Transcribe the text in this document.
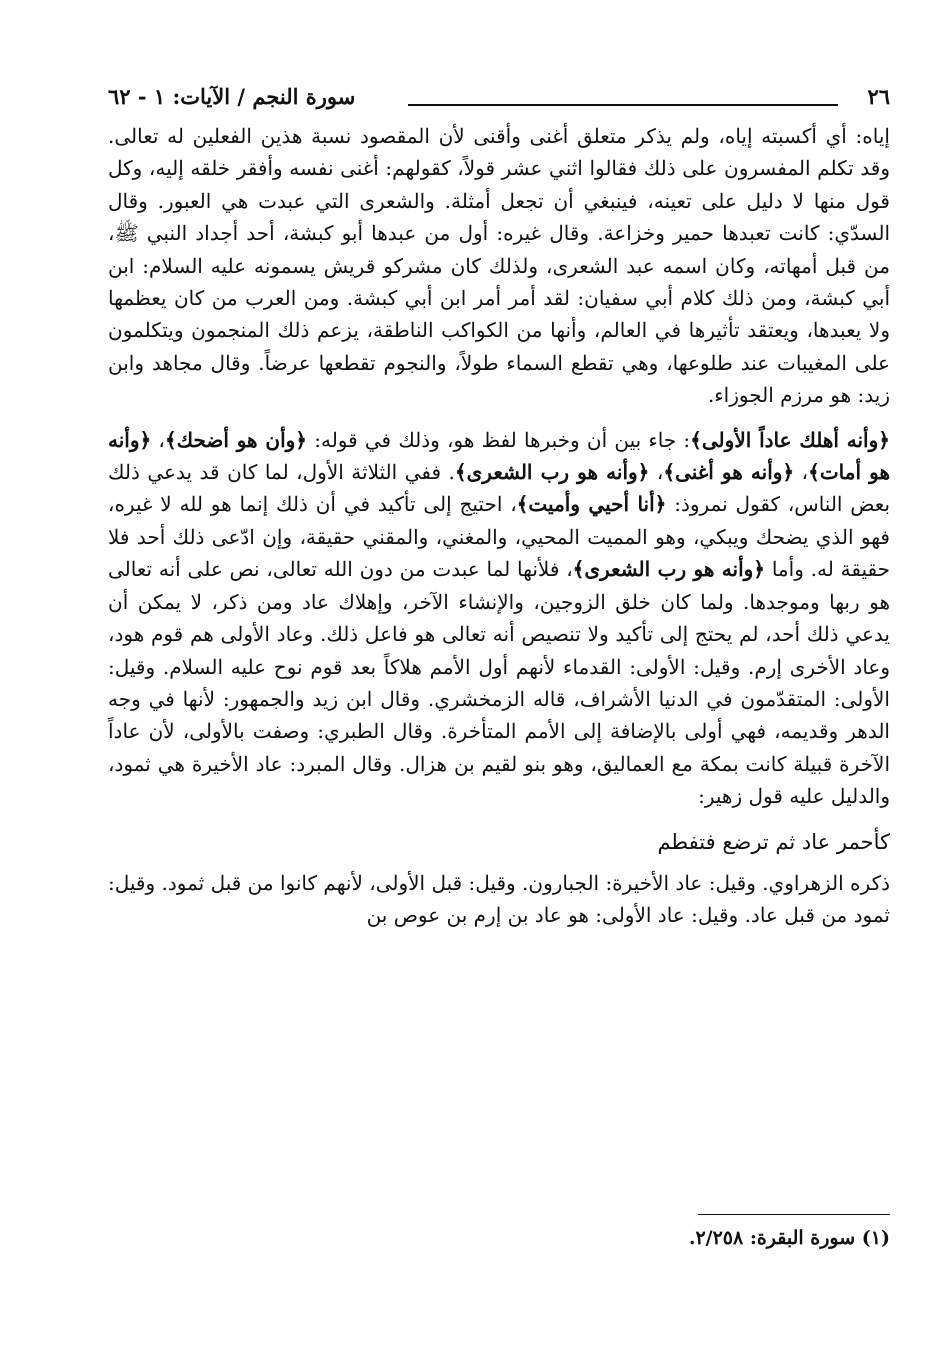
٢٦
سورة النجم / الآيات: ١ - ٦٢

إياه: أي أكسبته إياه، ولم يذكر متعلق أغنى وأقنى لأن المقصود نسبة هذين الفعلين له تعالى. وقد تكلم المفسرون على ذلك فقالوا اثني عشر قولاً، كقولهم: أغنى نفسه وأفقر خلقه إليه، وكل قول منها لا دليل على تعينه، فينبغي أن تجعل أمثلة. والشعرى التي عبدت هي العبور. وقال السدّي: كانت تعبدها حمير وخزاعة. وقال غيره: أول من عبدها أبو كبشة، أحد أجداد النبي ﷺ، من قبل أمهاته، وكان اسمه عبد الشعرى، ولذلك كان مشركو قريش يسمونه عليه السلام: ابن أبي كبشة، ومن ذلك كلام أبي سفيان: لقد أمر أمر ابن أبي كبشة. ومن العرب من كان يعظمها ولا يعبدها، ويعتقد تأثيرها في العالم، وأنها من الكواكب الناطقة، يزعم ذلك المنجمون ويتكلمون على المغيبات عند طلوعها، وهي تقطع السماء طولاً، والنجوم تقطعها عرضاً. وقال مجاهد وابن زيد: هو مرزم الجوزاء.

﴿وأنه أهلك عاداً الأولى﴾: جاء بين أن وخبرها لفظ هو، وذلك في قوله: ﴿وأن هو أضحك﴾، ﴿وأنه هو أمات﴾، ﴿وأنه هو أغنى﴾، ﴿وأنه هو رب الشعرى﴾. ففي الثلاثة الأول، لما كان قد يدعي ذلك بعض الناس، كقول نمروذ: ﴿أنا أحيي وأميت﴾، احتيج إلى تأكيد في أن ذلك إنما هو لله لا غيره، فهو الذي يضحك ويبكي، وهو المميت المحيي، والمغني، والمقني حقيقة، وإن ادّعى ذلك أحد فلا حقيقة له. وأما ﴿وأنه هو رب الشعرى﴾، فلأنها لما عبدت من دون الله تعالى، نص على أنه تعالى هو ربها وموجدها. ولما كان خلق الزوجين، والإنشاء الآخر، وإهلاك عاد ومن ذكر، لا يمكن أن يدعي ذلك أحد، لم يحتج إلى تأكيد ولا تنصيص أنه تعالى هو فاعل ذلك. وعاد الأولى هم قوم هود، وعاد الأخرى إرم. وقيل: الأولى: القدماء لأنهم أول الأمم هلاكاً بعد قوم نوح عليه السلام. وقيل: الأولى: المتقدّمون في الدنيا الأشراف، قاله الزمخشري. وقال ابن زيد والجمهور: لأنها في وجه الدهر وقديمه، فهي أولى بالإضافة إلى الأمم المتأخرة. وقال الطبري: وصفت بالأولى، لأن عاداً الآخرة قبيلة كانت بمكة مع العماليق، وهو بنو لقيم بن هزال. وقال المبرد: عاد الأخيرة هي ثمود، والدليل عليه قول زهير:

كأحمر عاد ثم ترضع فتفطم

ذكره الزهراوي. وقيل: عاد الأخيرة: الجبارون. وقيل: قبل الأولى، لأنهم كانوا من قبل ثمود. وقيل: ثمود من قبل عاد. وقيل: عاد الأولى: هو عاد بن إرم بن عوص بن

(١) سورة البقرة: ٢/٢٥٨.
